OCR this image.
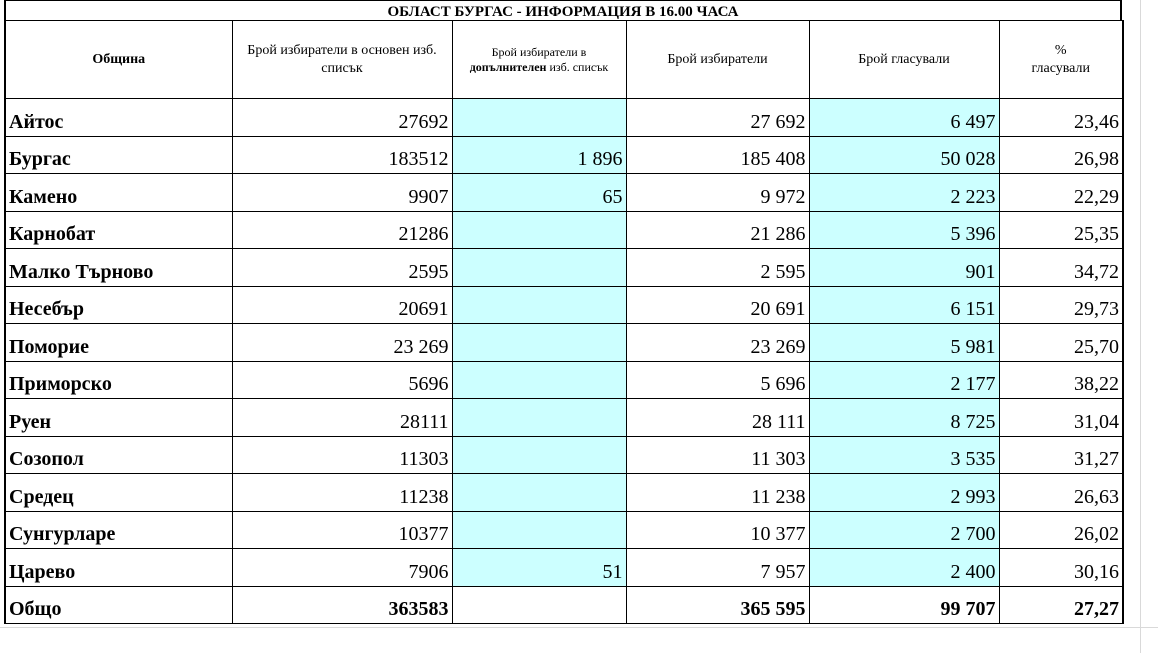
ОБЛАСТ БУРГАС - ИНФОРМАЦИЯ В 16.00 ЧАСА
Община	Брой избиратели в основен изб. списък	Брой избиратели в допълнителен изб. списък	Брой избиратели	Брой гласували	%
гласували
Айтос	27692		27 692	6 497	23,46
Бургас	183512	1 896	185 408	50 028	26,98
Камено	9907	65	9 972	2 223	22,29
Карнобат	21286		21 286	5 396	25,35
Малко Търново	2595		2 595	901	34,72
Несебър	20691		20 691	6 151	29,73
Поморие	23 269		23 269	5 981	25,70
Приморско	5696		5 696	2 177	38,22
Руен	28111		28 111	8 725	31,04
Созопол	11303		11 303	3 535	31,27
Средец	11238		11 238	2 993	26,63
Сунгурларе	10377		10 377	2 700	26,02
Царево	7906	51	7 957	2 400	30,16
Общо	363583		365 595	99 707	27,27
